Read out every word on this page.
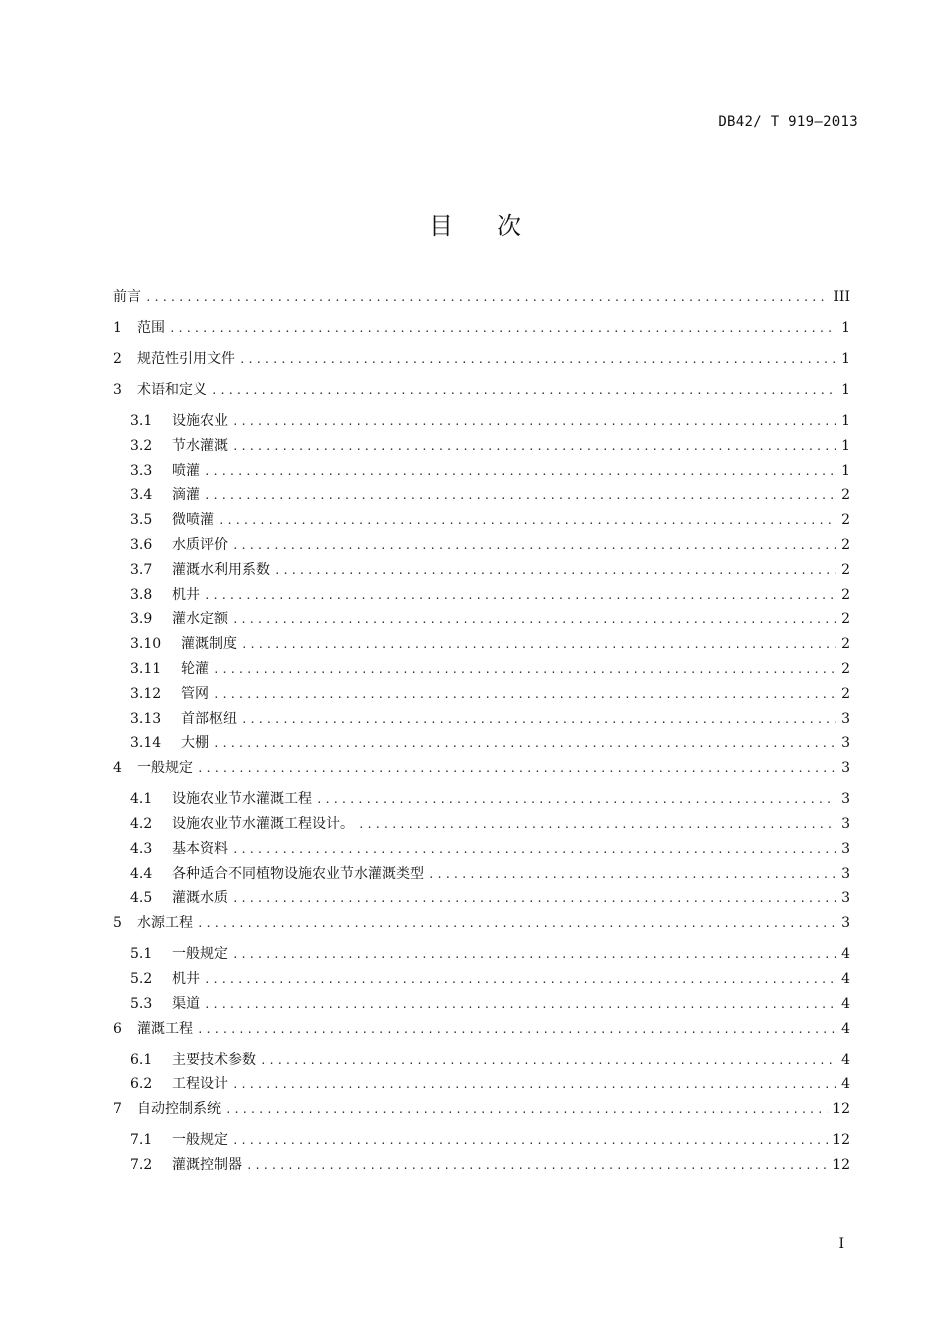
DB42/ T 919—2013
目次
前言 .....	III
1	范围 .....	1
2	规范性引用文件 .....	1
3	术语和定义 .....	1
3.1	设施农业 .....	1
3.2	节水灌溉 .....	1
3.3	喷灌 .....	1
3.4	滴灌 .....	2
3.5	微喷灌 .....	2
3.6	水质评价 .....	2
3.7	灌溉水利用系数 .....	2
3.8	机井 .....	2
3.9	灌水定额 .....	2
3.10	灌溉制度 .....	2
3.11	轮灌 .....	2
3.12	管网 .....	2
3.13	首部枢纽 .....	3
3.14	大棚 .....	3
4	一般规定 .....	3
4.1	设施农业节水灌溉工程 .....	3
4.2	设施农业节水灌溉工程设计。 .....	3
4.3	基本资料 .....	3
4.4	各种适合不同植物设施农业节水灌溉类型 .....	3
4.5	灌溉水质 .....	3
5	水源工程 .....	3
5.1	一般规定 .....	4
5.2	机井 .....	4
5.3	渠道 .....	4
6	灌溉工程 .....	4
6.1	主要技术参数 .....	4
6.2	工程设计 .....	4
7	自动控制系统 .....	12
7.1	一般规定 .....	12
7.2	灌溉控制器 .....	12
I
